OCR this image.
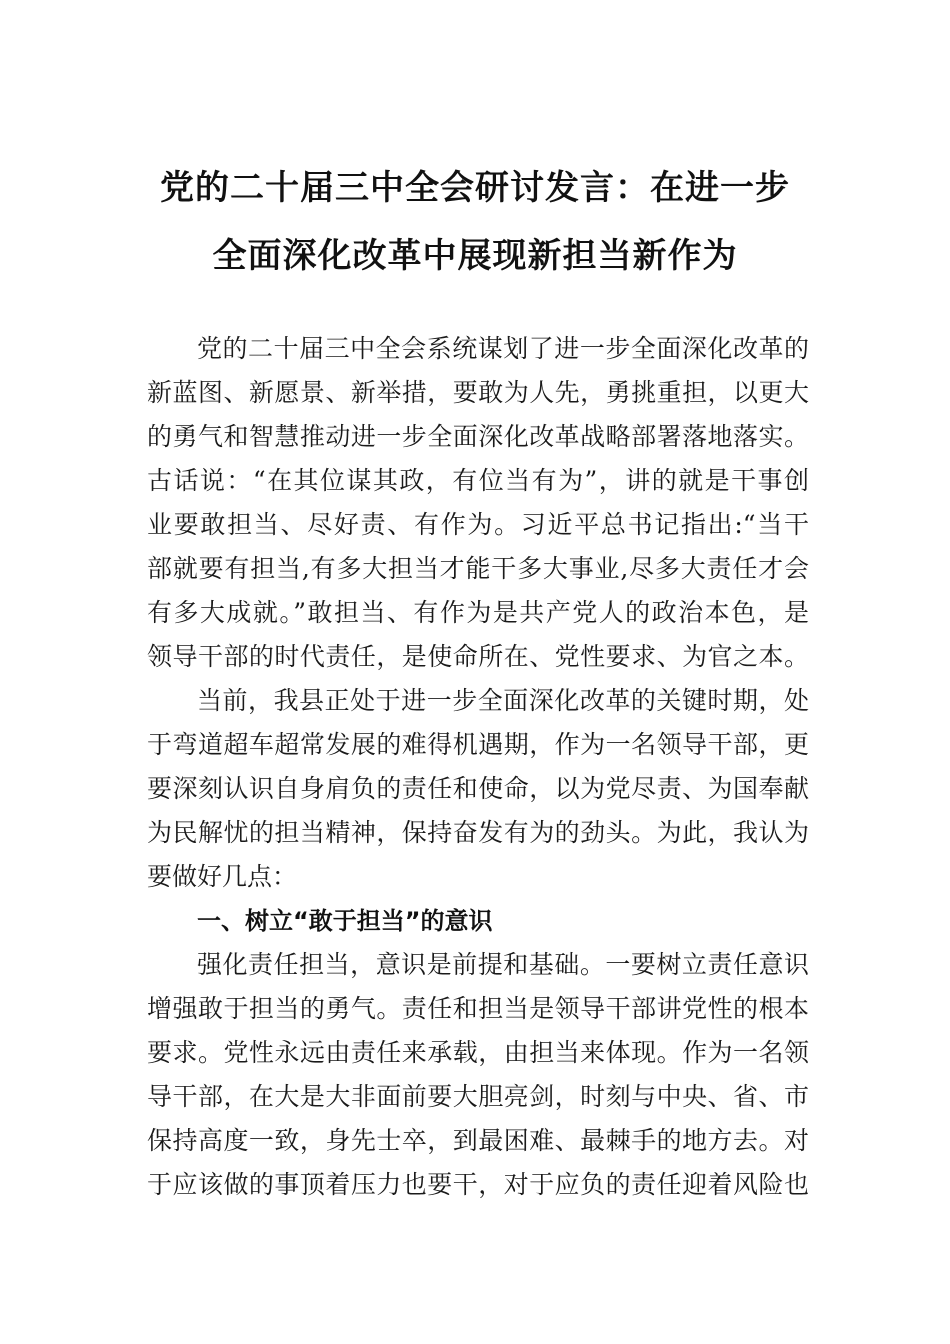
党的二十届三中全会研讨发言：在进一步
全面深化改革中展现新担当新作为
党的二十届三中全会系统谋划了进一步全面深化改革的
新蓝图、新愿景、新举措，要敢为人先，勇挑重担，以更大
的勇气和智慧推动进一步全面深化改革战略部署落地落实。
古话说：“在其位谋其政，有位当有为”，讲的就是干事创
业要敢担当、尽好责、有作为。习近平总书记指出:“当干
部就要有担当,有多大担当才能干多大事业,尽多大责任才会
有多大成就。”敢担当、有作为是共产党人的政治本色，是
领导干部的时代责任，是使命所在、党性要求、为官之本。
当前，我县正处于进一步全面深化改革的关键时期，处
于弯道超车超常发展的难得机遇期，作为一名领导干部，更
要深刻认识自身肩负的责任和使命，以为党尽责、为国奉献
为民解忧的担当精神，保持奋发有为的劲头。为此，我认为
要做好几点：
一、树立“敢于担当”的意识
强化责任担当，意识是前提和基础。一要树立责任意识
增强敢于担当的勇气。责任和担当是领导干部讲党性的根本
要求。党性永远由责任来承载，由担当来体现。作为一名领
导干部，在大是大非面前要大胆亮剑，时刻与中央、省、市
保持高度一致，身先士卒，到最困难、最棘手的地方去。对
于应该做的事顶着压力也要干，对于应负的责任迎着风险也
